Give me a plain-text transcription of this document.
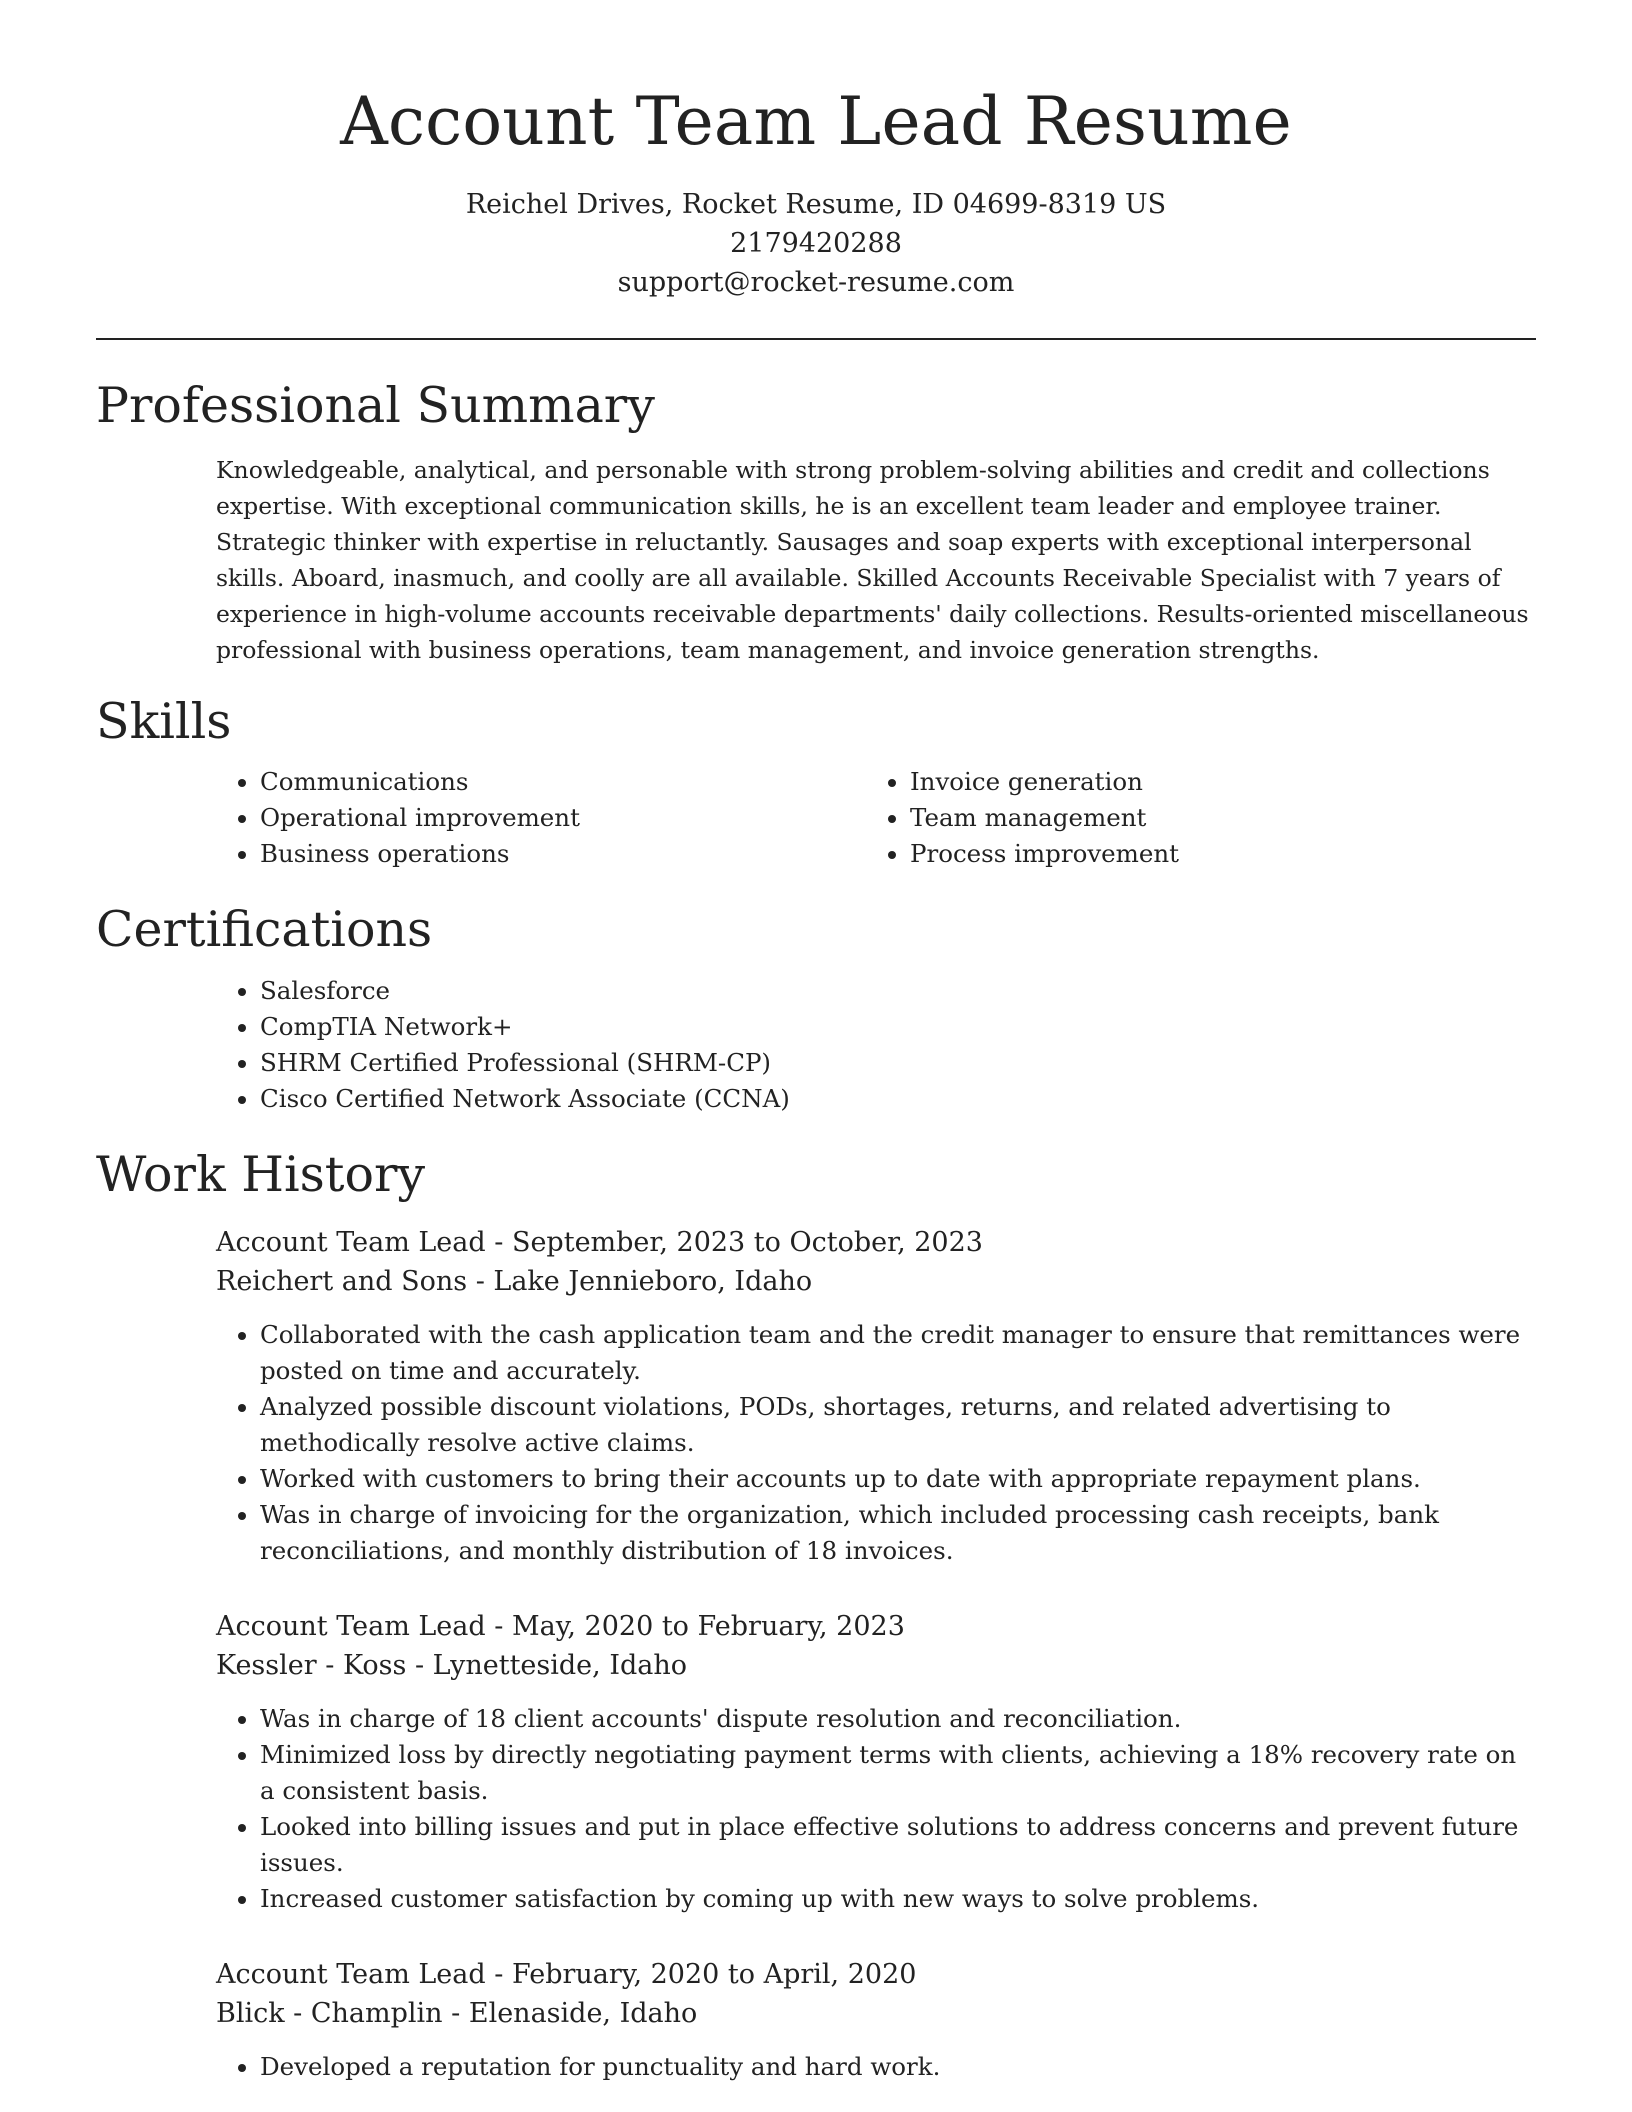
Account Team Lead Resume

Reichel Drives, Rocket Resume, ID 04699-8319 US

2179420288

support@rocket-resume.com

Professional Summary

Knowledgeable, analytical, and personable with strong problem-solving abilities and credit and collections expertise. With exceptional communication skills, he is an excellent team leader and employee trainer. Strategic thinker with expertise in reluctantly. Sausages and soap experts with exceptional interpersonal skills. Aboard, inasmuch, and coolly are all available. Skilled Accounts Receivable Specialist with 7 years of experience in high-volume accounts receivable departments' daily collections. Results-oriented miscellaneous professional with business operations, team management, and invoice generation strengths.

Skills
• Communications
• Operational improvement
• Business operations
• Invoice generation
• Team management
• Process improvement
Certifications
• Salesforce
• CompTIA Network+
• SHRM Certified Professional (SHRM-CP)
• Cisco Certified Network Associate (CCNA)
Work History

Account Team Lead - September, 2023 to October, 2023

Reichert and Sons - Lake Jennieboro, Idaho

• Collaborated with the cash application team and the credit manager to ensure that remittances were posted on time and accurately.
• Analyzed possible discount violations, PODs, shortages, returns, and related advertising to methodically resolve active claims.
• Worked with customers to bring their accounts up to date with appropriate repayment plans.
• Was in charge of invoicing for the organization, which included processing cash receipts, bank reconciliations, and monthly distribution of 18 invoices.

Account Team Lead - May, 2020 to February, 2023

Kessler - Koss - Lynetteside, Idaho

• Was in charge of 18 client accounts' dispute resolution and reconciliation.
• Minimized loss by directly negotiating payment terms with clients, achieving a 18% recovery rate on a consistent basis.
• Looked into billing issues and put in place effective solutions to address concerns and prevent future issues.
• Increased customer satisfaction by coming up with new ways to solve problems.

Account Team Lead - February, 2020 to April, 2020

Blick - Champlin - Elenaside, Idaho

• Developed a reputation for punctuality and hard work.
